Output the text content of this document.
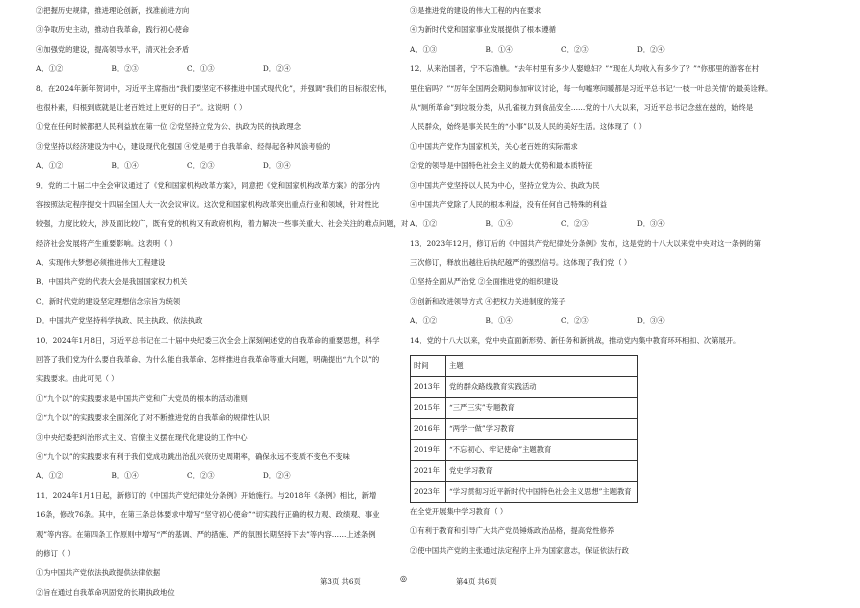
②把握历史规律，推进理论创新，找准前进方向
③争取历史主动，推动自我革命，践行初心使命
④加强党的建设，提高领导水平，清灭社会矛盾
A．①② B．②③ C．①③ D．②④
8．在2024年新年贺词中，习近平主席指出“我们要坚定不移推进中国式现代化”，并强调“我们的目标很宏伟，
也很朴素，归根到底就是让老百姓过上更好的日子”。这说明（ ）
①党在任何时候都把人民利益放在第一位 ②党坚持立党为公、执政为民的执政理念
③党坚持以经济建设为中心，建设现代化强国 ④党是勇于自我革命、经得起各种风浪考验的
A．①② B．①④ C．②③ D．③④
9．党的二十届二中全会审议通过了《党和国家机构改革方案》，同意把《党和国家机构改革方案》的部分内
容按照法定程序提交十四届全国人大一次会议审议。这次党和国家机构改革突出重点行业和领域，针对性比
较强，力度比较大，涉及面比较广，既有党的机构又有政府机构，着力解决一些事关重大、社会关注的难点问题，对
经济社会发展将产生重要影响。这表明（ ）
A．实现伟大梦想必须推进伟大工程建设
B．中国共产党的代表大会是我国国家权力机关
C．新时代党的建设坚定理想信念宗旨为统领
D．中国共产党坚持科学执政、民主执政、依法执政
10．2024年1月8日，习近平总书记在二十届中央纪委三次全会上深刻阐述党的自我革命的重要思想，科学
回答了我们党为什么要自我革命、为什么能自我革命、怎样推进自我革命等重大问题，明确提出“九个以”的
实践要求。由此可见（ ）
①“九个以”的实践要求是中国共产党和广大党员的根本的活动准则
②“九个以”的实践要求全面深化了对不断推进党的自我革命的规律性认识
③中央纪委把纠治形式主义、官僚主义摆在现代化建设的工作中心
④“九个以”的实践要求有利于我们党成功跳出治乱兴衰历史周期率，确保永远不变质不变色不变味
A．①② B．①④ C．②③ D．②④
11．2024年1月1日起，新修订的《中国共产党纪律处分条例》开始施行。与2018年《条例》相比，新增
16条，修改76条。其中，在第三条总体要求中增写“坚守初心使命”“切实践行正确的权力观、政绩观、事业
观”等内容。在第四条工作原则中增写“严的基调、严的措施、严的氛围长期坚持下去”等内容……上述条例
的修订（ ）
①为中国共产党依法执政提供法律依据
②旨在通过自我革命巩固党的长期执政地位
③是推进党的建设的伟大工程的内在要求
④为新时代党和国家事业发展提供了根本遵循
A．①③ B．①④ C．②③ D．②④
12．从来治国者，宁不忘渔樵。“去年村里有多少人娶媳妇？”“现在人均收入有多少了？”“你那里的游客在村
里住宿吗？”“厉年全国两会期间参加审议讨论，每一句嘘寒问暖都是习近平总书记‘一枝一叶总关情’的最美诠释。
从“厕所革命”到垃圾分类，从孔雀视力到食品安全……党的十八大以来，习近平总书记念兹在兹的，始终是
人民群众，始终是事关民生的“小事”以及人民的美好生活。这体现了（ ）
①中国共产党作为国家机关，关心老百姓的实际需求
②党的领导是中国特色社会主义的最大优势和最本质特征
③中国共产党坚持以人民为中心，坚持立党为公、执政为民
④中国共产党除了人民的根本利益，没有任何自己特殊的利益
A．①② B．①④ C．②③ D．③④
13．2023年12月，修订后的《中国共产党纪律处分条例》发布，这是党的十八大以来党中央对这一条例的第
三次修订，释放出越往后执纪越严的强烈信号。这体现了我们党（ ）
①坚持全面从严治党 ②全面推进党的组织建设
③创新和改进领导方式 ④把权力关进制度的笼子
A．①② B．①④ C．②③ D．③④
14．党的十八大以来，党中央直面新形势、新任务和新挑战，推动党内集中教育环环相扣、次第展开。
时间	主题
2013年	党的群众路线教育实践活动
2015年	“三严三实”专题教育
2016年	“两学一做”学习教育
2019年	“不忘初心、牢记使命”主题教育
2021年	党史学习教育
2023年	“学习贯彻习近平新时代中国特色社会主义思想”主题教育
在全党开展集中学习教育（ ）
①有利于教育和引导广大共产党员锤炼政治品格，提高党性修养
②使中国共产党的主张通过法定程序上升为国家意志，保证依法行政
第3页 共6页	◎	第4页 共6页
